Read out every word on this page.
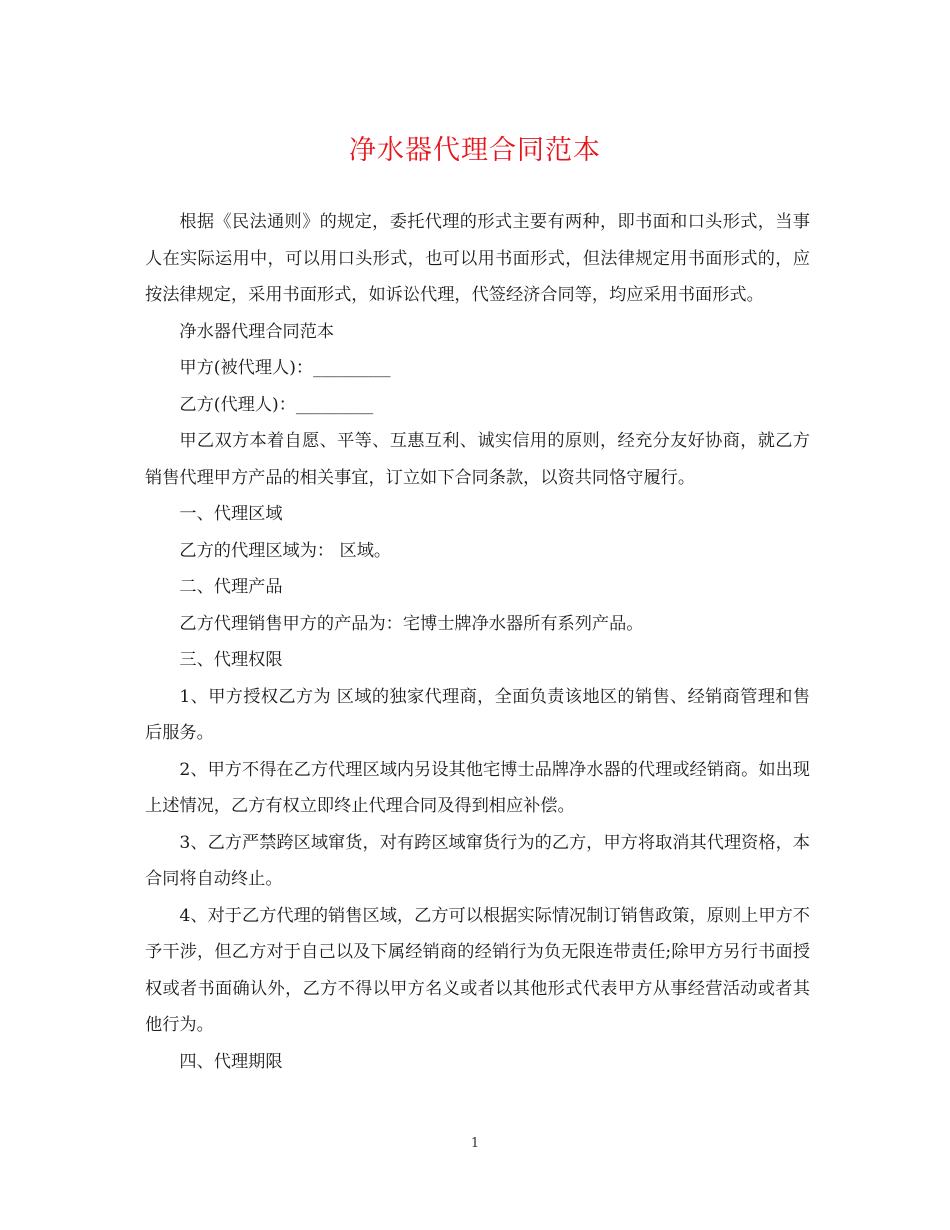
净水器代理合同范本

根据《民法通则》的规定，委托代理的形式主要有两种，即书面和口头形式，当事人在实际运用中，可以用口头形式，也可以用书面形式，但法律规定用书面形式的，应按法律规定，采用书面形式，如诉讼代理，代签经济合同等，均应采用书面形式。

净水器代理合同范本

甲方(被代理人)：_________

乙方(代理人)：_________

甲乙双方本着自愿、平等、互惠互利、诚实信用的原则，经充分友好协商，就乙方销售代理甲方产品的相关事宜，订立如下合同条款，以资共同恪守履行。

一、代理区域

乙方的代理区域为： 区域。

二、代理产品

乙方代理销售甲方的产品为：宅博士牌净水器所有系列产品。

三、代理权限

1、甲方授权乙方为 区域的独家代理商，全面负责该地区的销售、经销商管理和售后服务。

2、甲方不得在乙方代理区域内另设其他宅博士品牌净水器的代理或经销商。如出现上述情况，乙方有权立即终止代理合同及得到相应补偿。

3、乙方严禁跨区域窜货，对有跨区域窜货行为的乙方，甲方将取消其代理资格，本合同将自动终止。

4、对于乙方代理的销售区域，乙方可以根据实际情况制订销售政策，原则上甲方不予干涉，但乙方对于自己以及下属经销商的经销行为负无限连带责任;除甲方另行书面授权或者书面确认外，乙方不得以甲方名义或者以其他形式代表甲方从事经营活动或者其他行为。

四、代理期限

1
